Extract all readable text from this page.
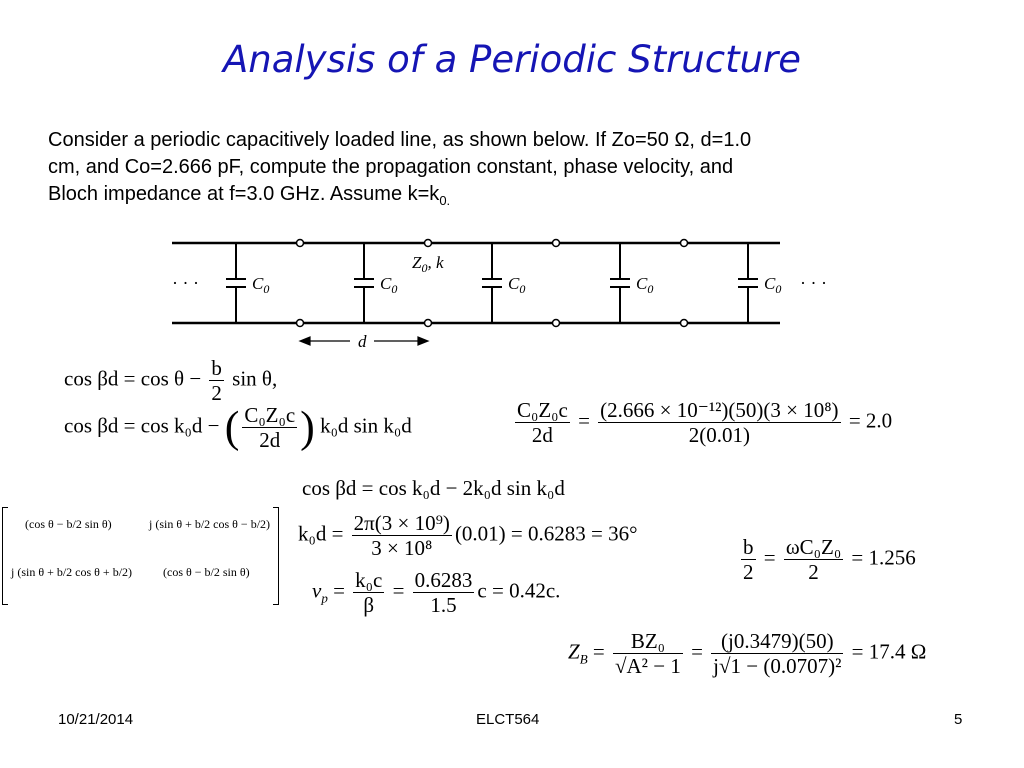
Analysis of a Periodic Structure
Consider a periodic capacitively loaded line, as shown below. If Zo=50 Ω, d=1.0
cm, and Co=2.666 pF, compute the propagation constant, phase velocity, and
Bloch impedance at f=3.0 GHz. Assume $k=k_{0.}$
· · ·	· · ·
$C_0$	$C_0$	$C_0$	$C_0$	$C_0$
$Z_0$, k
d
$\cos \beta d = \cos \theta - \frac{b}{2}$ sin θ,
cos βd = cos k₀d − ( $\frac{\text{C₀Z₀c}}{2d}$ ) k₀d sin k₀d	$\frac{\text{C₀Z₀c}}{2d} = \frac{\text{(2.666 × 10⁻¹²)(50)(3 × 10⁸)}}{2(0.01)} = 2.0$
cos βd = cos k₀d − 2k₀d sin k₀d
(cos θ − b/2 sin θ)	j (sin θ + b/2 cos θ − b/2)
j (sin θ + b/2 cos θ + b/2)	(cos θ − b/2 sin θ)
$k_0d = \frac{\text{2π(3 × 10⁹)}}{\text{3 × 10⁸}} (0.01) = 0.6283 = 36^\circ$
$\frac{b}{2} = \frac{\text{ωC₀Z₀}}{2} = 1.256$
$v_p = \frac{\text{k₀c}}{\beta} = \frac{0.6283}{1.5}$ c = 0.42c.
$Z_B = \frac{\text{BZ₀}}{\text{√A² − 1}} = \frac{(j0.3479)(50)}{\text{j√1 − (0.0707)²}} = 17.4$ Ω
10/21/2014	ELCT564	5
